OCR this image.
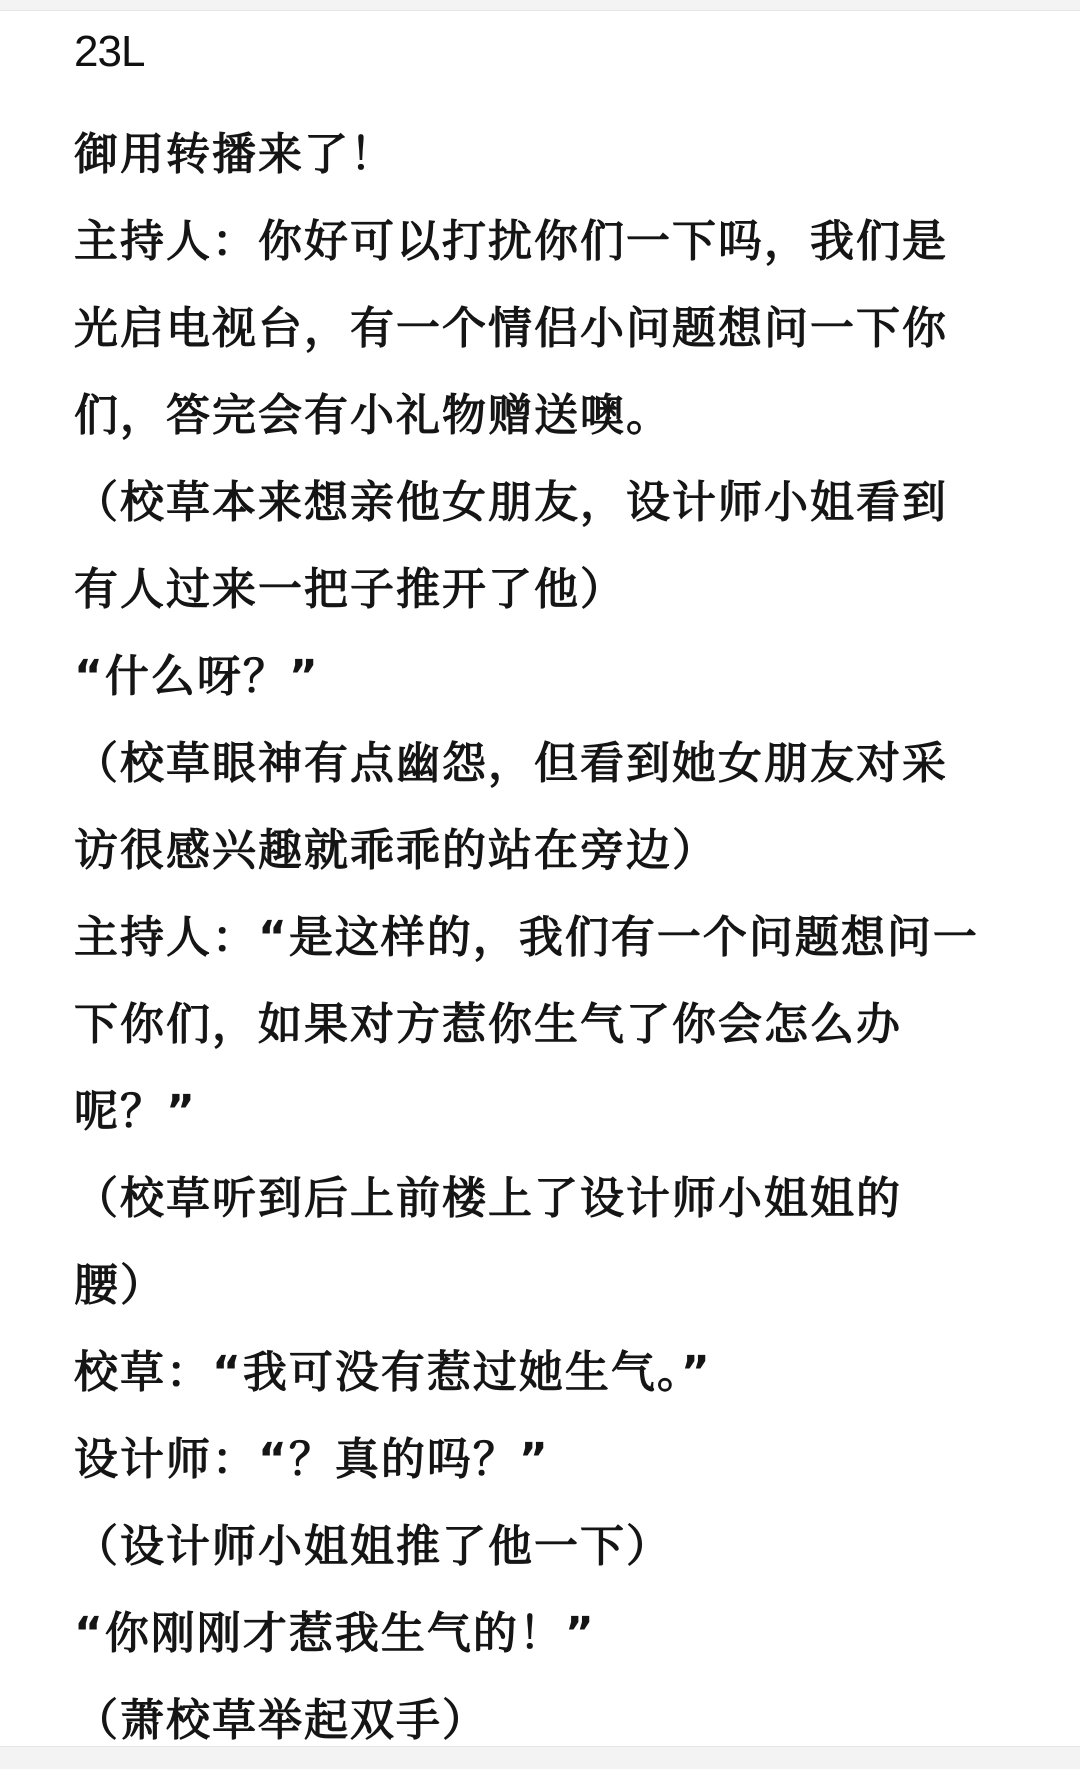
23L
御用转播来了！
主持人：你好可以打扰你们一下吗，我们是
光启电视台，有一个情侣小问题想问一下你
们，答完会有小礼物赠送噢。
（校草本来想亲他女朋友，设计师小姐看到
有人过来一把子推开了他）
“什么呀？”
（校草眼神有点幽怨，但看到她女朋友对采
访很感兴趣就乖乖的站在旁边）
主持人：“是这样的，我们有一个问题想问一
下你们，如果对方惹你生气了你会怎么办
呢？”
（校草听到后上前楼上了设计师小姐姐的
腰）
校草：“我可没有惹过她生气。”
设计师：“？真的吗？”
（设计师小姐姐推了他一下）
“你刚刚才惹我生气的！”
（萧校草举起双手）
